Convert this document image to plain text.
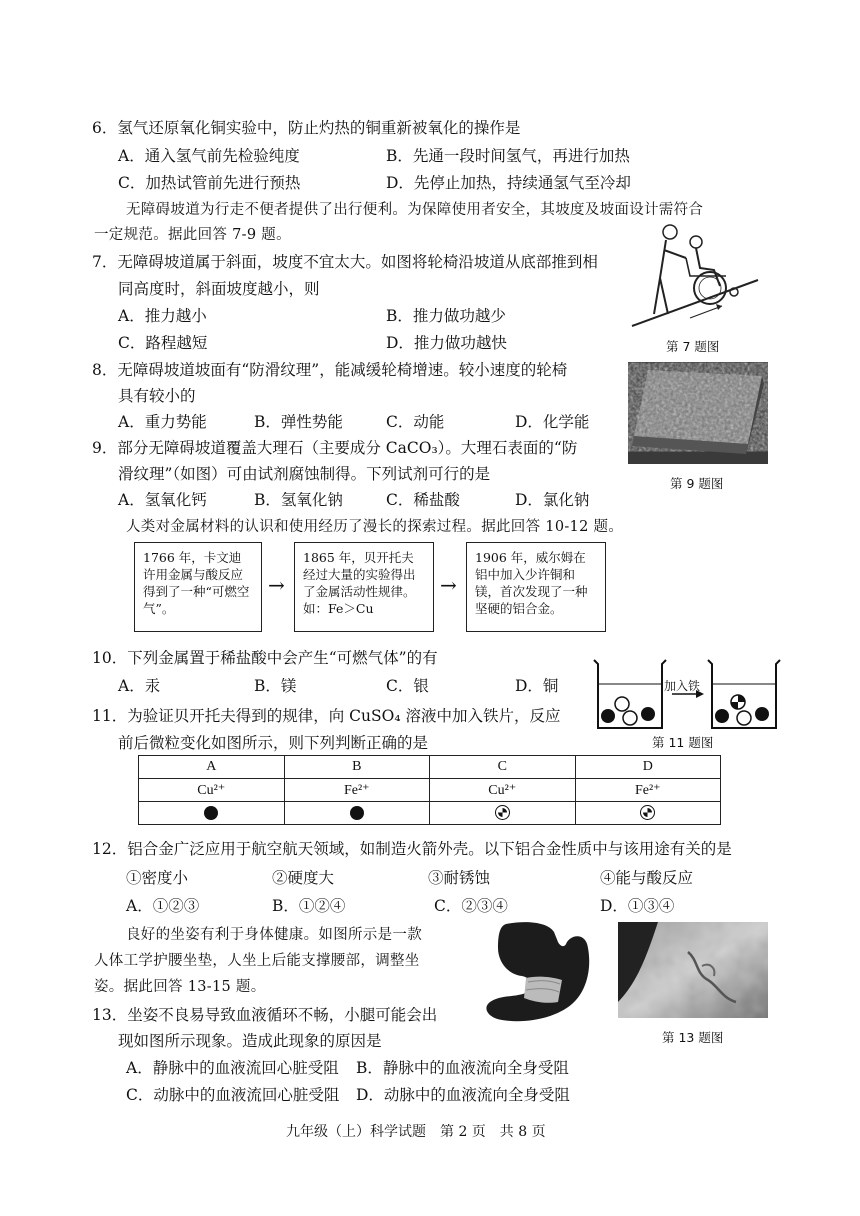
6．氢气还原氧化铜实验中，防止灼热的铜重新被氧化的操作是
A．通入氢气前先检验纯度	B．先通一段时间氢气，再进行加热
C．加热试管前先进行预热	D．先停止加热，持续通氢气至冷却
无障碍坡道为行走不便者提供了出行便利。为保障使用者安全，其坡度及坡面设计需符合
一定规范。据此回答 7-9 题。
7．无障碍坡道属于斜面，坡度不宜太大。如图将轮椅沿坡道从底部推到相
同高度时，斜面坡度越小，则
A．推力越小	B．推力做功越少
C．路程越短	D．推力做功越快	第 7 题图
8．无障碍坡道坡面有“防滑纹理”，能减缓轮椅增速。较小速度的轮椅
具有较小的
A．重力势能	B．弹性势能	C．动能	D．化学能
第 9 题图
9．部分无障碍坡道覆盖大理石（主要成分 CaCO₃）。大理石表面的“防
滑纹理”（如图）可由试剂腐蚀制得。下列试剂可行的是
A．氢氧化钙	B．氢氧化钠	C．稀盐酸	D．氯化钠
人类对金属材料的认识和使用经历了漫长的探索过程。据此回答 10-12 题。
1766 年，卡文迪许用金属与酸反应得到了一种“可燃空气”。
→
1865 年，贝开托夫经过大量的实验得出了金属活动性规律。如：Fe＞Cu
→
1906 年，威尔姆在铝中加入少许铜和镁，首次发现了一种坚硬的铝合金。
10．下列金属置于稀盐酸中会产生“可燃气体”的有
A．汞	B．镁	C．银	D．铜	加入铁
第 11 题图
11．为验证贝开托夫得到的规律，向 CuSO₄ 溶液中加入铁片，反应
前后微粒变化如图所示，则下列判断正确的是
A	B	C	D
Cu²⁺	Fe²⁺	Cu²⁺	Fe²⁺

12．铝合金广泛应用于航空航天领域，如制造火箭外壳。以下铝合金性质中与该用途有关的是
①密度小	②硬度大	③耐锈蚀	④能与酸反应
A．①②③	B．①②④	C．②③④	D．①③④
良好的坐姿有利于身体健康。如图所示是一款
人体工学护腰坐垫，人坐上后能支撑腰部，调整坐
姿。据此回答 13-15 题。
第 13 题图
13．坐姿不良易导致血液循环不畅，小腿可能会出
现如图所示现象。造成此现象的原因是
A．静脉中的血液流回心脏受阻 B．静脉中的血液流向全身受阻
C．动脉中的血液流回心脏受阻 D．动脉中的血液流向全身受阻
九年级（上）科学试题　第 2 页　共 8 页
